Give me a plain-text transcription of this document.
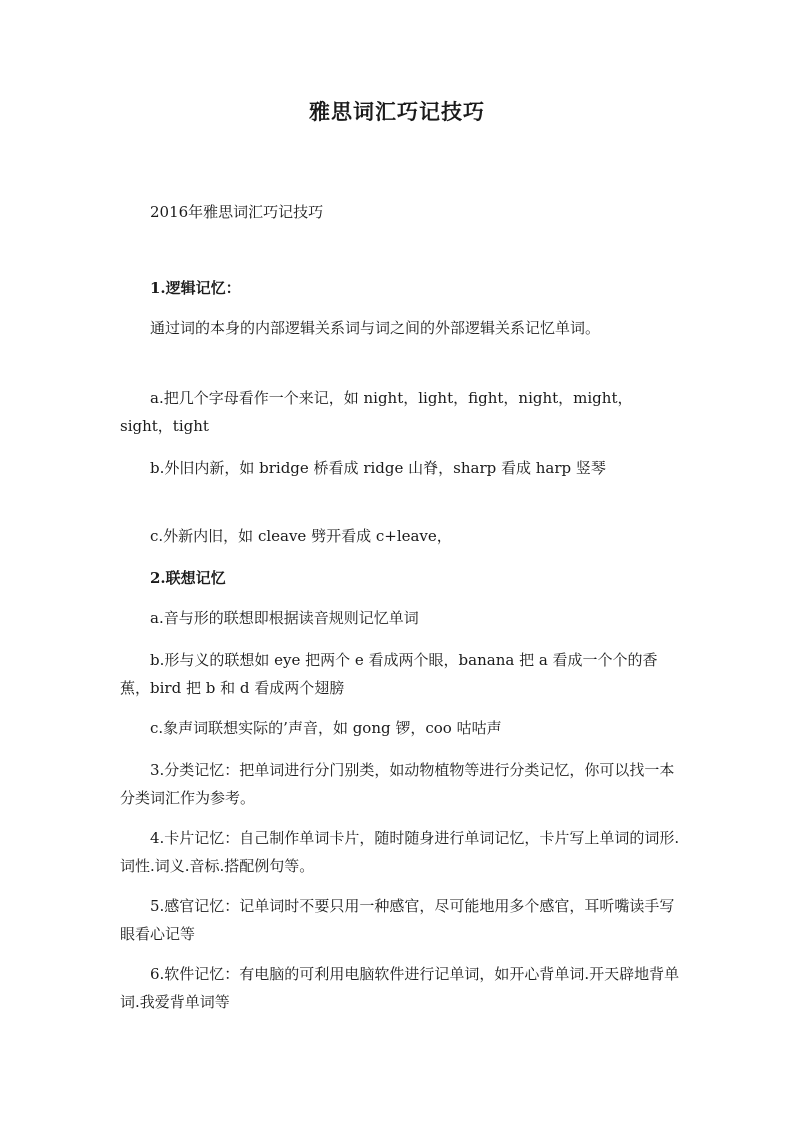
雅思词汇巧记技巧

2016年雅思词汇巧记技巧

1.逻辑记忆：

通过词的本身的内部逻辑关系词与词之间的外部逻辑关系记忆单词。

a.把几个字母看作一个来记，如 night，light，fight，night，might，sight，tight

b.外旧内新，如 bridge 桥看成 ridge 山脊，sharp 看成 harp 竖琴

c.外新内旧，如 cleave 劈开看成 c+leave，

2.联想记忆

a.音与形的联想即根据读音规则记忆单词

b.形与义的联想如 eye 把两个 e 看成两个眼，banana 把 a 看成一个个的香蕉，bird 把 b 和 d 看成两个翅膀

c.象声词联想实际的’声音，如 gong 锣，coo 咕咕声

3.分类记忆：把单词进行分门别类，如动物植物等进行分类记忆，你可以找一本分类词汇作为参考。

4.卡片记忆：自己制作单词卡片，随时随身进行单词记忆，卡片写上单词的词形.词性.词义.音标.搭配例句等。

5.感官记忆：记单词时不要只用一种感官，尽可能地用多个感官，耳听嘴读手写眼看心记等

6.软件记忆：有电脑的可利用电脑软件进行记单词，如开心背单词.开天辟地背单词.我爱背单词等
